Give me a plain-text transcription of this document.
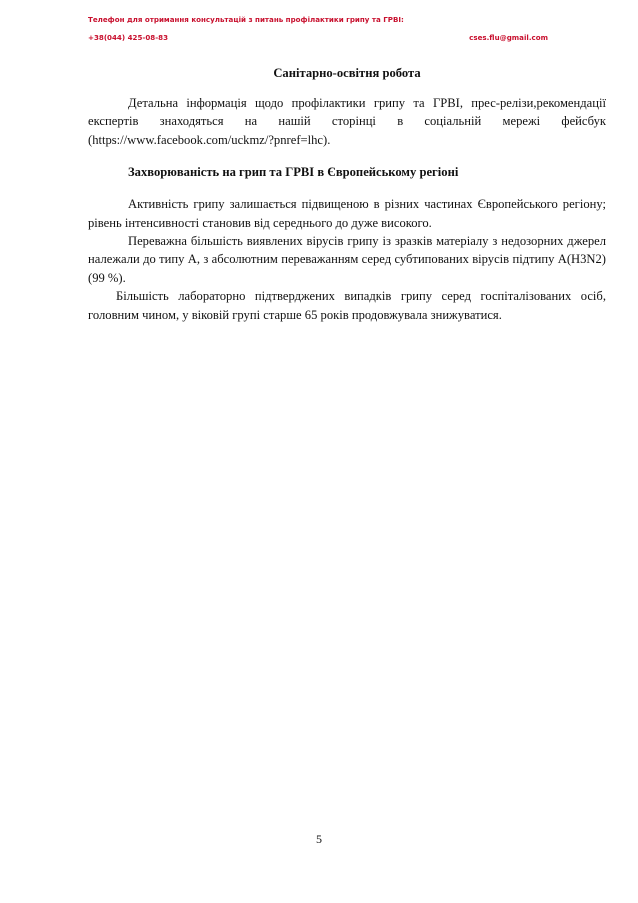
Телефон для отримання консультацій з питань профілактики грипу та ГРВІ:
+38(044) 425-08-83	cses.flu@gmail.com
Санітарно-освітня робота

Детальна інформація щодо профілактики грипу та ГРВІ, прес-релізи,рекомендації експертів знаходяться на нашій сторінці в соціальній мережі фейсбук (https://www.facebook.com/uckmz/?pnref=lhc).

Захворюваність на грип та ГРВІ в Європейському регіоні

Активність грипу залишається підвищеною в різних частинах Європейського регіону; рівень інтенсивності становив від середнього до дуже високого.

Переважна більшість виявлених вірусів грипу із зразків матеріалу з недозорних джерел належали до типу А, з абсолютним переважанням серед субтипованих вірусів підтипу А(H3N2) (99 %).

Більшість лабораторно підтверджених випадків грипу серед госпіталізованих осіб, головним чином, у віковій групі старше 65 років продовжувала знижуватися.

5
